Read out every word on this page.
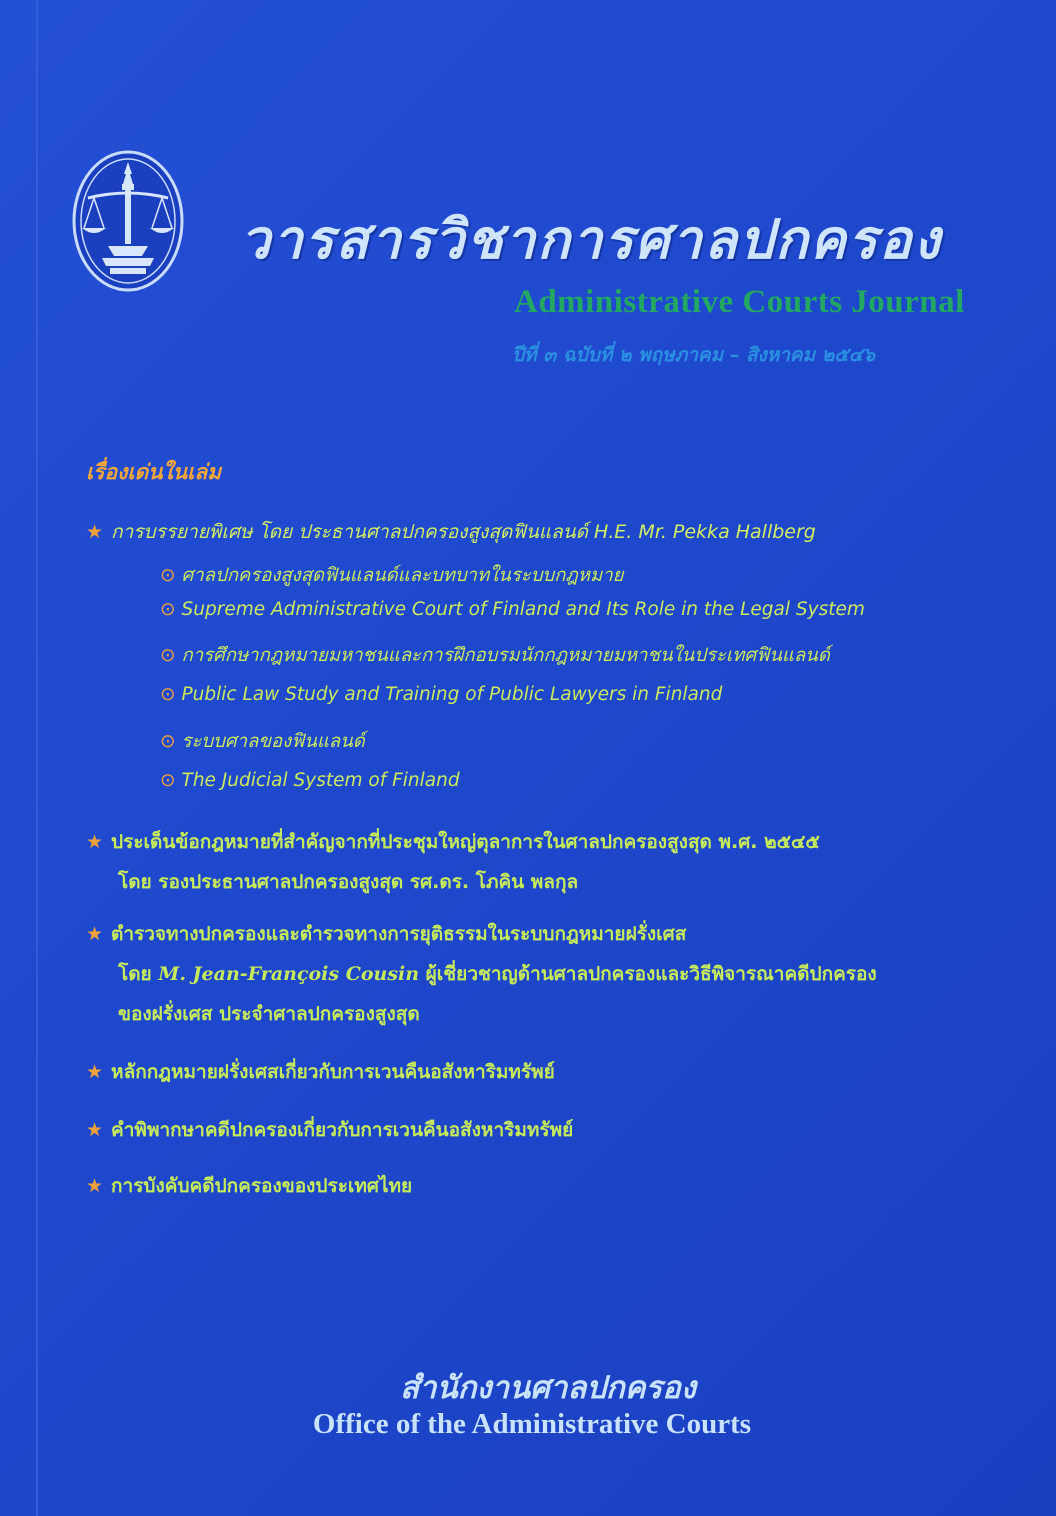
วารสารวิชาการศาลปกครอง
Administrative Courts Journal
ปีที่ ๓ ฉบับที่ ๒ พฤษภาคม – สิงหาคม ๒๕๔๖
เรื่องเด่นในเล่ม
★ การบรรยายพิเศษ โดย ประธานศาลปกครองสูงสุดฟินแลนด์ H.E. Mr. Pekka Hallberg
⊙ ศาลปกครองสูงสุดฟินแลนด์และบทบาทในระบบกฎหมาย
⊙ Supreme Administrative Court of Finland and Its Role in the Legal System
⊙ การศึกษากฎหมายมหาชนและการฝึกอบรมนักกฎหมายมหาชนในประเทศฟินแลนด์
⊙ Public Law Study and Training of Public Lawyers in Finland
⊙ ระบบศาลของฟินแลนด์
⊙ The Judicial System of Finland
★ ประเด็นข้อกฎหมายที่สำคัญจากที่ประชุมใหญ่ตุลาการในศาลปกครองสูงสุด พ.ศ. ๒๕๔๕
โดย รองประธานศาลปกครองสูงสุด รศ.ดร. โภคิน พลกุล
★ ตำรวจทางปกครองและตำรวจทางการยุติธรรมในระบบกฎหมายฝรั่งเศส
โดย M. Jean-François Cousin ผู้เชี่ยวชาญด้านศาลปกครองและวิธีพิจารณาคดีปกครอง
ของฝรั่งเศส ประจำศาลปกครองสูงสุด
★ หลักกฎหมายฝรั่งเศสเกี่ยวกับการเวนคืนอสังหาริมทรัพย์
★ คำพิพากษาคดีปกครองเกี่ยวกับการเวนคืนอสังหาริมทรัพย์
★ การบังคับคดีปกครองของประเทศไทย
สำนักงานศาลปกครอง
Office of the Administrative Courts
